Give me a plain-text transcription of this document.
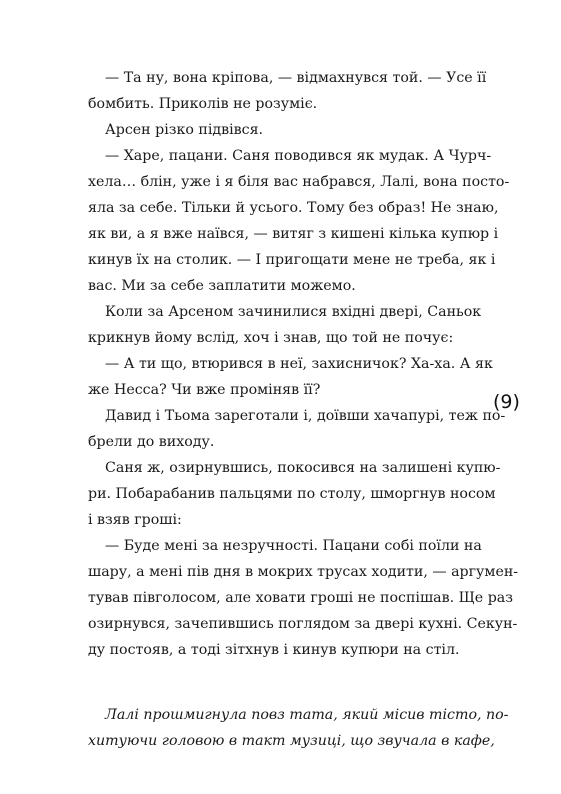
— Та ну, вона кріпова, — відмахнувся той. — Усе її
бомбить. Приколів не розуміє.
Арсен різко підвівся.
— Харе, пацани. Саня поводився як мудак. А Чурч-
хела… блін, уже і я біля вас набрався, Лалі, вона посто-
яла за себе. Тільки й усього. Тому без образ! Не знаю,
як ви, а я вже наївся, — витяг з кишені кілька купюр і
кинув їх на столик. — І пригощати мене не треба, як і
вас. Ми за себе заплатити можемо.
Коли за Арсеном зачинилися вхідні двері, Саньок
крикнув йому вслід, хоч і знав, що той не почує:
— А ти що, втюрився в неї, захисничок? Ха-ха. А як
же Несса? Чи вже проміняв її?
Давид і Тьома зареготали і, доївши хачапурі, теж по-
брели до виходу.
Саня ж, озирнувшись, покосився на залишені купю-
ри. Побарабанив пальцями по столу, шморгнув носом
і взяв гроші:
— Буде мені за незручності. Пацани собі поїли на
шару, а мені пів дня в мокрих трусах ходити, — аргумен-
тував півголосом, але ховати гроші не поспішав. Ще раз
озирнувся, зачепившись поглядом за двері кухні. Секун-
ду постояв, а тоді зітхнув і кинув купюри на стіл.
Лалі прошмигнула повз тата, який місив тісто, по-
хитуючи головою в такт музиці, що звучала в кафе,
(9)
